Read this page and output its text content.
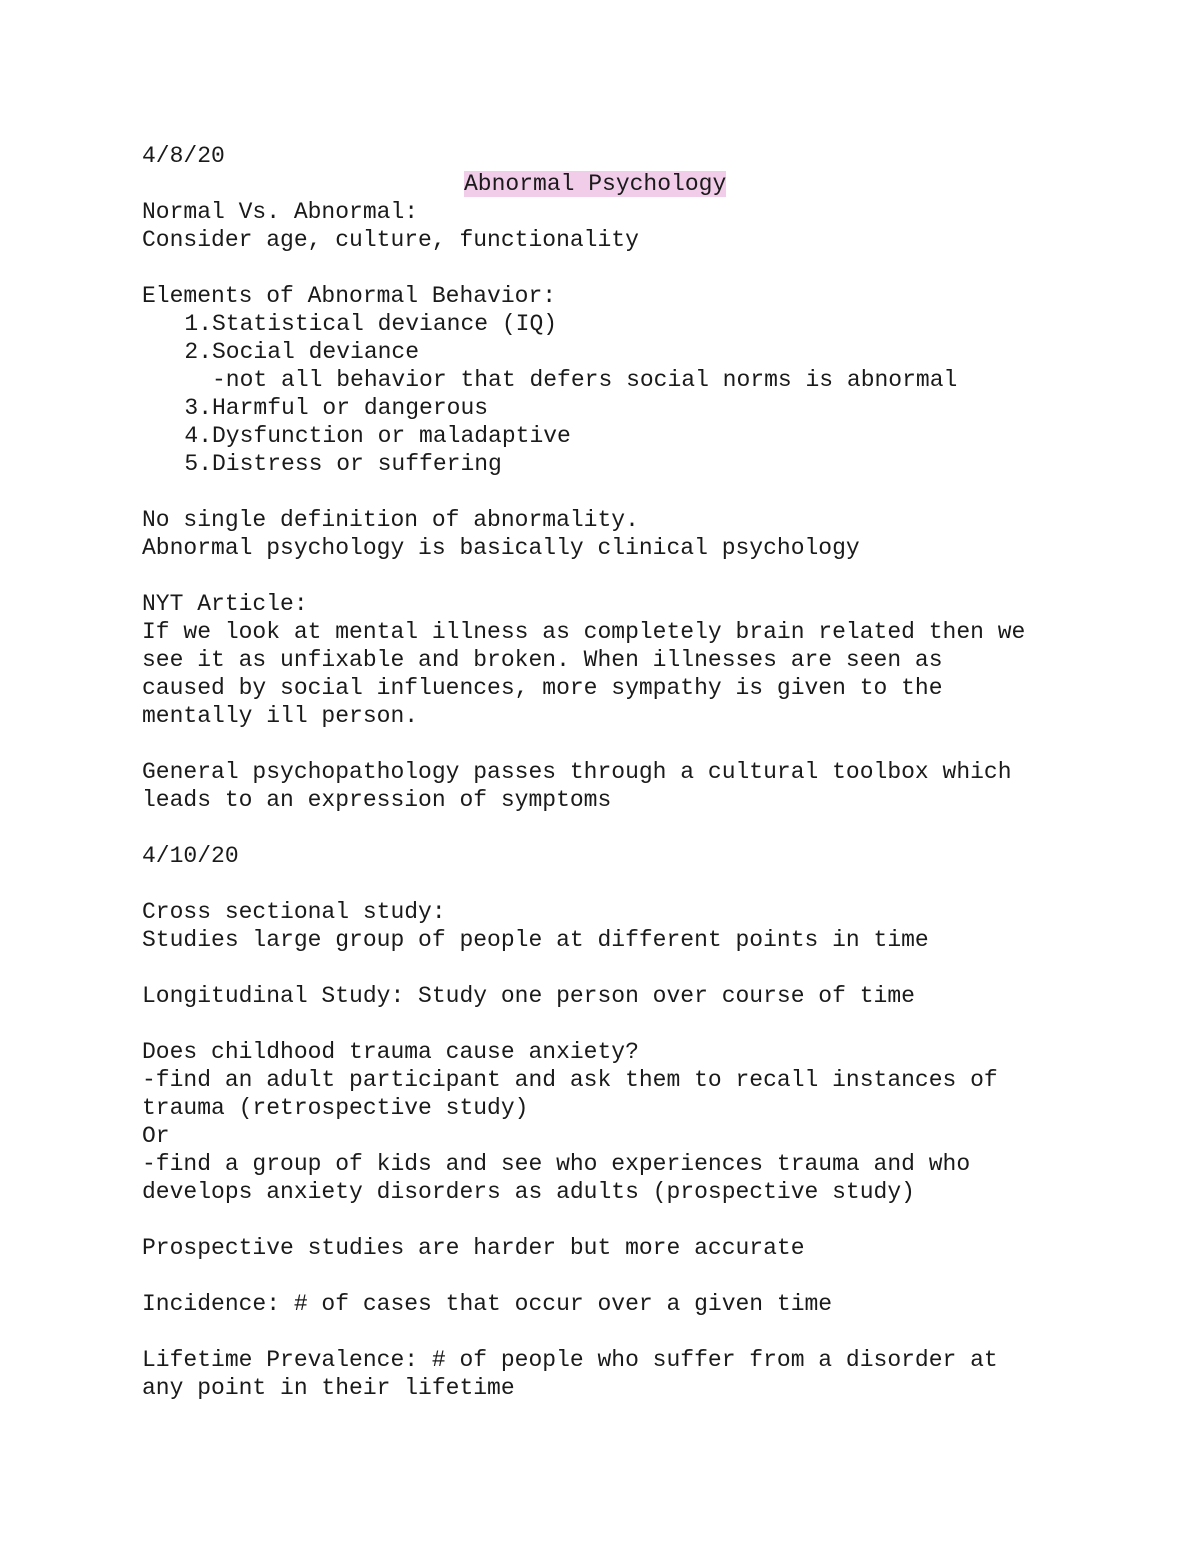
4/8/20
Abnormal Psychology
Normal Vs. Abnormal:
Consider age, culture, functionality
Elements of Abnormal Behavior:
1.Statistical deviance (IQ)
2.Social deviance
-not all behavior that defers social norms is abnormal
3.Harmful or dangerous
4.Dysfunction or maladaptive
5.Distress or suffering
No single definition of abnormality.
Abnormal psychology is basically clinical psychology
NYT Article:
If we look at mental illness as completely brain related then we
see it as unfixable and broken. When illnesses are seen as
caused by social influences, more sympathy is given to the
mentally ill person.
General psychopathology passes through a cultural toolbox which
leads to an expression of symptoms
4/10/20
Cross sectional study:
Studies large group of people at different points in time
Longitudinal Study: Study one person over course of time
Does childhood trauma cause anxiety?
-find an adult participant and ask them to recall instances of
trauma (retrospective study)
Or
-find a group of kids and see who experiences trauma and who
develops anxiety disorders as adults (prospective study)
Prospective studies are harder but more accurate
Incidence: # of cases that occur over a given time
Lifetime Prevalence: # of people who suffer from a disorder at
any point in their lifetime
